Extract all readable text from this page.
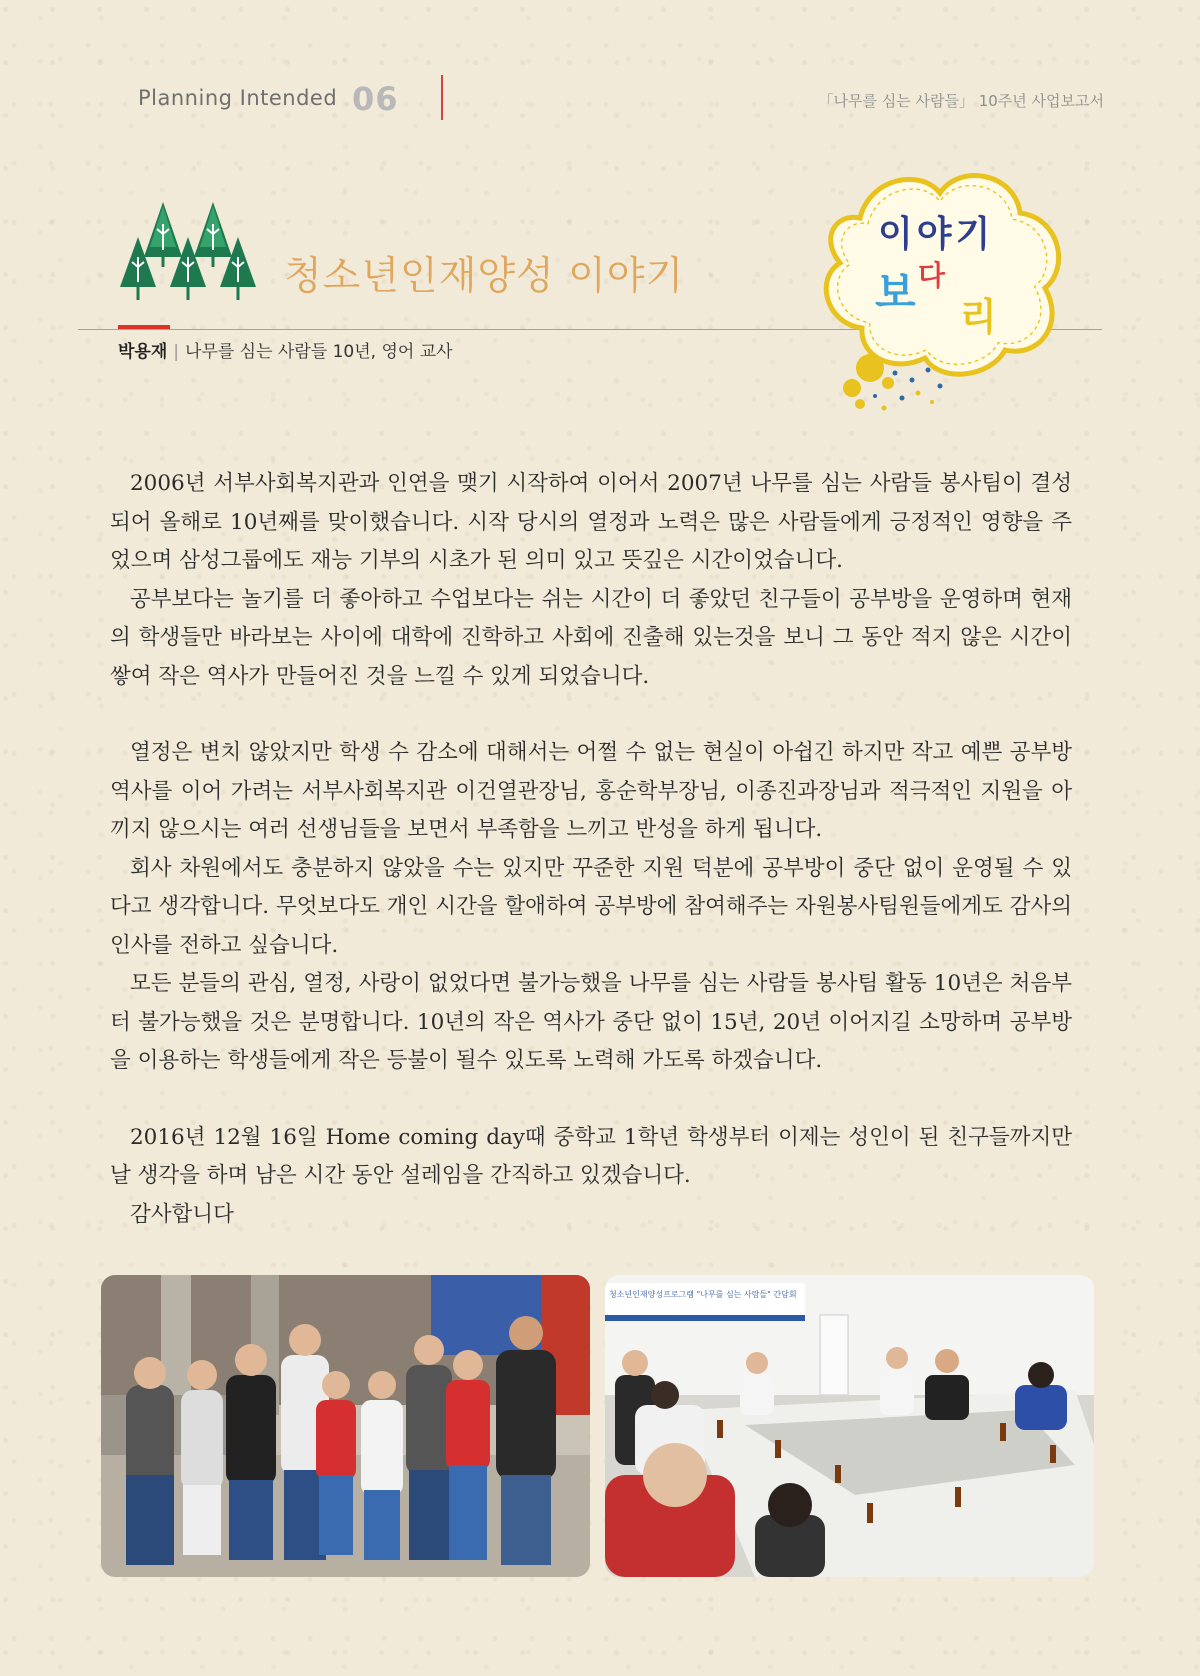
Planning Intended 06	「나무를 심는 사람들」 10주년 사업보고서
청소년인재양성 이야기
박용재 | 나무를 심는 사람들 10년, 영어 교사
이야기
보 다
리

2006년 서부사회복지관과 인연을 맺기 시작하여 이어서 2007년 나무를 심는 사람들 봉사팀이 결성되어 올해로 10년째를 맞이했습니다. 시작 당시의 열정과 노력은 많은 사람들에게 긍정적인 영향을 주었으며 삼성그룹에도 재능 기부의 시초가 된 의미 있고 뜻깊은 시간이었습니다.

공부보다는 놀기를 더 좋아하고 수업보다는 쉬는 시간이 더 좋았던 친구들이 공부방을 운영하며 현재의 학생들만 바라보는 사이에 대학에 진학하고 사회에 진출해 있는것을 보니 그 동안 적지 않은 시간이 쌓여 작은 역사가 만들어진 것을 느낄 수 있게 되었습니다.

열정은 변치 않았지만 학생 수 감소에 대해서는 어쩔 수 없는 현실이 아쉽긴 하지만 작고 예쁜 공부방 역사를 이어 가려는 서부사회복지관 이건열관장님, 홍순학부장님, 이종진과장님과 적극적인 지원을 아끼지 않으시는 여러 선생님들을 보면서 부족함을 느끼고 반성을 하게 됩니다.

회사 차원에서도 충분하지 않았을 수는 있지만 꾸준한 지원 덕분에 공부방이 중단 없이 운영될 수 있다고 생각합니다. 무엇보다도 개인 시간을 할애하여 공부방에 참여해주는 자원봉사팀원들에게도 감사의 인사를 전하고 싶습니다.

모든 분들의 관심, 열정, 사랑이 없었다면 불가능했을 나무를 심는 사람들 봉사팀 활동 10년은 처음부터 불가능했을 것은 분명합니다. 10년의 작은 역사가 중단 없이 15년, 20년 이어지길 소망하며 공부방을 이용하는 학생들에게 작은 등불이 될수 있도록 노력해 가도록 하겠습니다.

2016년 12월 16일 Home coming day때 중학교 1학년 학생부터 이제는 성인이 된 친구들까지만 날 생각을 하며 남은 시간 동안 설레임을 간직하고 있겠습니다.

감사합니다

청소년인재양성프로그램 "나무를 심는 사람들" 간담회
